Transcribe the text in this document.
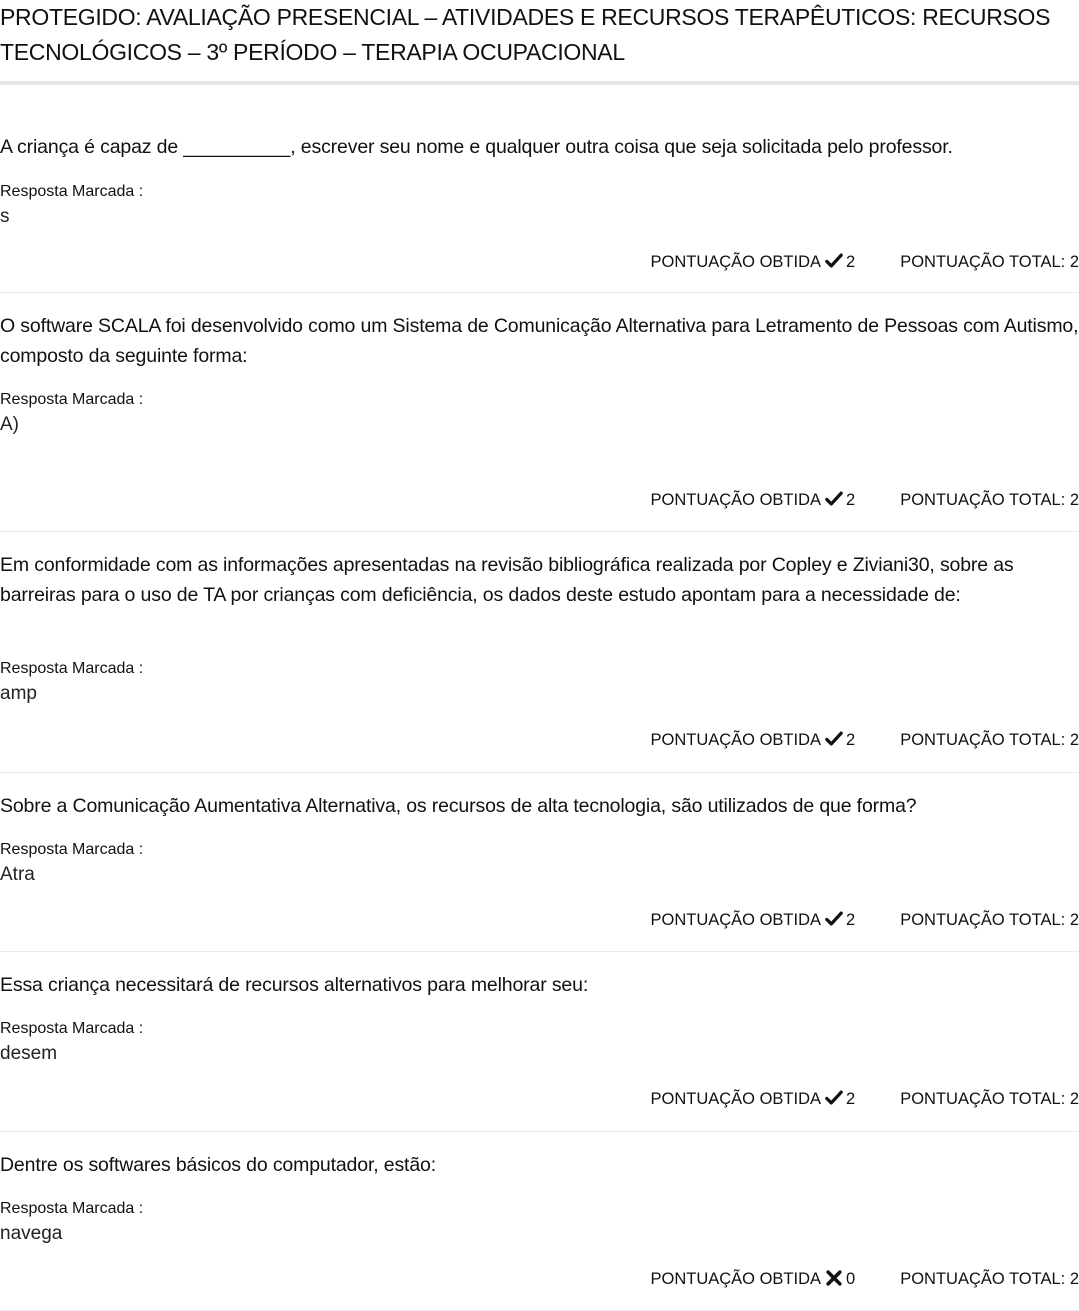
PROTEGIDO: AVALIAÇÃO PRESENCIAL – ATIVIDADES E RECURSOS TERAPÊUTICOS: RECURSOS TECNOLÓGICOS – 3º PERÍODO – TERAPIA OCUPACIONAL

A criança é capaz de __________, escrever seu nome e qualquer outra coisa que seja solicitada pelo professor.

Resposta Marcada :
s
PONTUAÇÃO OBTIDA 2	PONTUAÇÃO TOTAL: 2

O software SCALA foi desenvolvido como um Sistema de Comunicação Alternativa para Letramento de Pessoas com Autismo, composto da seguinte forma:

Resposta Marcada :
A)
PONTUAÇÃO OBTIDA 2	PONTUAÇÃO TOTAL: 2

Em conformidade com as informações apresentadas na revisão bibliográfica realizada por Copley e Ziviani30, sobre as barreiras para o uso de TA por crianças com deficiência, os dados deste estudo apontam para a necessidade de:

Resposta Marcada :
amp
PONTUAÇÃO OBTIDA 2	PONTUAÇÃO TOTAL: 2

Sobre a Comunicação Aumentativa Alternativa, os recursos de alta tecnologia, são utilizados de que forma?

Resposta Marcada :
Atra
PONTUAÇÃO OBTIDA 2	PONTUAÇÃO TOTAL: 2

Essa criança necessitará de recursos alternativos para melhorar seu:

Resposta Marcada :
desem
PONTUAÇÃO OBTIDA 2	PONTUAÇÃO TOTAL: 2

Dentre os softwares básicos do computador, estão:

Resposta Marcada :
navega
PONTUAÇÃO OBTIDA 0	PONTUAÇÃO TOTAL: 2
